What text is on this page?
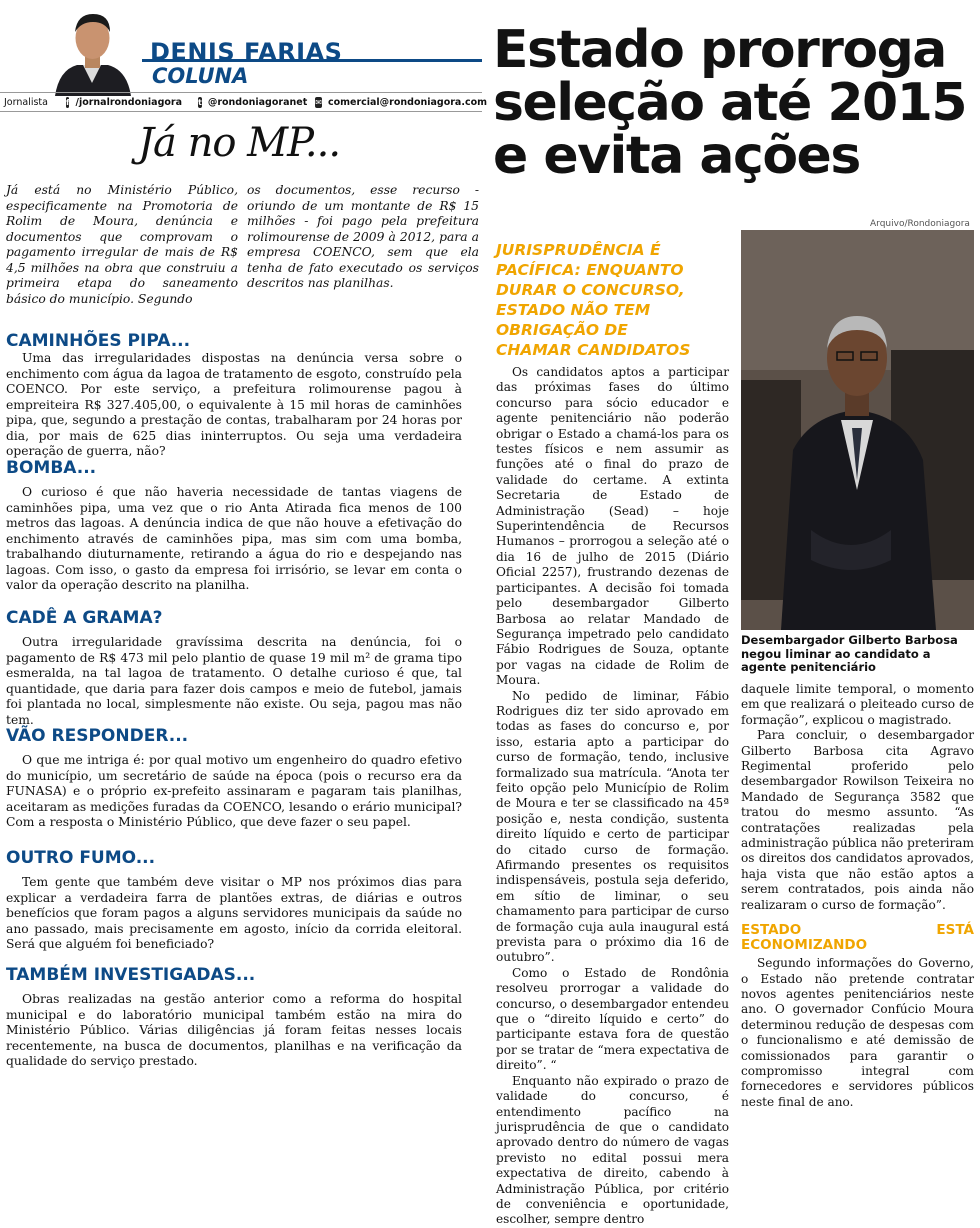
DENIS FARIAS
COLUNA
Jornalista f /jornalrondoniagora t @rondoniagoranet ✉ comercial@rondoniagora.com
Já no MP...
Já está no Ministério Público, especificamente na Promotoria de Rolim de Moura, denúncia e documentos que comprovam o pagamento irregular de mais de R$ 4,5 milhões na obra que construiu a primeira etapa do saneamento básico do município. Segundo
os documentos, esse recurso - oriundo de um montante de R$ 15 milhões - foi pago pela prefeitura rolimourense de 2009 à 2012, para a empresa COENCO, sem que ela tenha de fato executado os serviços descritos nas planilhas.
CAMINHÕES PIPA...

Uma das irregularidades dispostas na denúncia versa sobre o enchimento com água da lagoa de tratamento de esgoto, construído pela COENCO. Por este serviço, a prefeitura rolimourense pagou à empreiteira R$ 327.405,00, o equivalente à 15 mil horas de caminhões pipa, que, segundo a prestação de contas, trabalharam por 24 horas por dia, por mais de 625 dias ininterruptos. Ou seja uma verdadeira operação de guerra, não?

BOMBA...

O curioso é que não haveria necessidade de tantas viagens de caminhões pipa, uma vez que o rio Anta Atirada fica menos de 100 metros das lagoas. A denúncia indica de que não houve a efetivação do enchimento através de caminhões pipa, mas sim com uma bomba, trabalhando diuturnamente, retirando a água do rio e despejando nas lagoas. Com isso, o gasto da empresa foi irrisório, se levar em conta o valor da operação descrito na planilha.

CADÊ A GRAMA?

Outra irregularidade gravíssima descrita na denúncia, foi o pagamento de R$ 473 mil pelo plantio de quase 19 mil m² de grama tipo esmeralda, na tal lagoa de tratamento. O detalhe curioso é que, tal quantidade, que daria para fazer dois campos e meio de futebol, jamais foi plantada no local, simplesmente não existe. Ou seja, pagou mas não tem.

VÃO RESPONDER...

O que me intriga é: por qual motivo um engenheiro do quadro efetivo do município, um secretário de saúde na época (pois o recurso era da FUNASA) e o próprio ex-prefeito assinaram e pagaram tais planilhas, aceitaram as medições furadas da COENCO, lesando o erário municipal? Com a resposta o Ministério Público, que deve fazer o seu papel.

OUTRO FUMO...

Tem gente que também deve visitar o MP nos próximos dias para explicar a verdadeira farra de plantões extras, de diárias e outros benefícios que foram pagos a alguns servidores municipais da saúde no ano passado, mais precisamente em agosto, início da corrida eleitoral. Será que alguém foi beneficiado?

TAMBÉM INVESTIGADAS...

Obras realizadas na gestão anterior como a reforma do hospital municipal e do laboratório municipal também estão na mira do Ministério Público. Várias diligências já foram feitas nesses locais recentemente, na busca de documentos, planilhas e na verificação da qualidade do serviço prestado.

Estado prorroga seleção até 2015 e evita ações
Arquivo/Rondoniagora
Desembargador Gilberto Barbosa negou liminar ao candidato a agente penitenciário
JURISPRUDÊNCIA É PACÍFICA: ENQUANTO DURAR O CONCURSO, ESTADO NÃO TEM OBRIGAÇÃO DE CHAMAR CANDIDATOS

Os candidatos aptos a participar das próximas fases do último concurso para sócio educador e agente penitenciário não poderão obrigar o Estado a chamá-los para os testes físicos e nem assumir as funções até o final do prazo de validade do certame. A extinta Secretaria de Estado de Administração (Sead) – hoje Superintendência de Recursos Humanos – prorrogou a seleção até o dia 16 de julho de 2015 (Diário Oficial 2257), frustrando dezenas de participantes. A decisão foi tomada pelo desembargador Gilberto Barbosa ao relatar Mandado de Segurança impetrado pelo candidato Fábio Rodrigues de Souza, optante por vagas na cidade de Rolim de Moura.

No pedido de liminar, Fábio Rodrigues diz ter sido aprovado em todas as fases do concurso e, por isso, estaria apto a participar do curso de formação, tendo, inclusive formalizado sua matrícula. “Anota ter feito opção pelo Município de Rolim de Moura e ter se classificado na 45ª posição e, nesta condição, sustenta direito líquido e certo de participar do citado curso de formação. Afirmando presentes os requisitos indispensáveis, postula seja deferido, em sítio de liminar, o seu chamamento para participar de curso de formação cuja aula inaugural está prevista para o próximo dia 16 de outubro”.

Como o Estado de Rondônia resolveu prorrogar a validade do concurso, o desembargador entendeu que o “direito líquido e certo” do participante estava fora de questão por se tratar de “mera expectativa de direito”. “

Enquanto não expirado o prazo de validade do concurso, é entendimento pacífico na jurisprudência de que o candidato aprovado dentro do número de vagas previsto no edital possui mera expectativa de direito, cabendo à Administração Pública, por critério de conveniência e oportunidade, escolher, sempre dentro

daquele limite temporal, o momento em que realizará o pleiteado curso de formação”, explicou o magistrado.

Para concluir, o desembargador Gilberto Barbosa cita Agravo Regimental proferido pelo desembargador Rowilson Teixeira no Mandado de Segurança 3582 que tratou do mesmo assunto. “As contratações realizadas pela administração pública não preteriram os direitos dos candidatos aprovados, haja vista que não estão aptos a serem contratados, pois ainda não realizaram o curso de formação”.

ESTADO ESTÁ ECONOMIZANDO

Segundo informações do Governo, o Estado não pretende contratar novos agentes penitenciários neste ano. O governador Confúcio Moura determinou redução de despesas com o funcionalismo e até demissão de comissionados para garantir o compromisso integral com fornecedores e servidores públicos neste final de ano.
